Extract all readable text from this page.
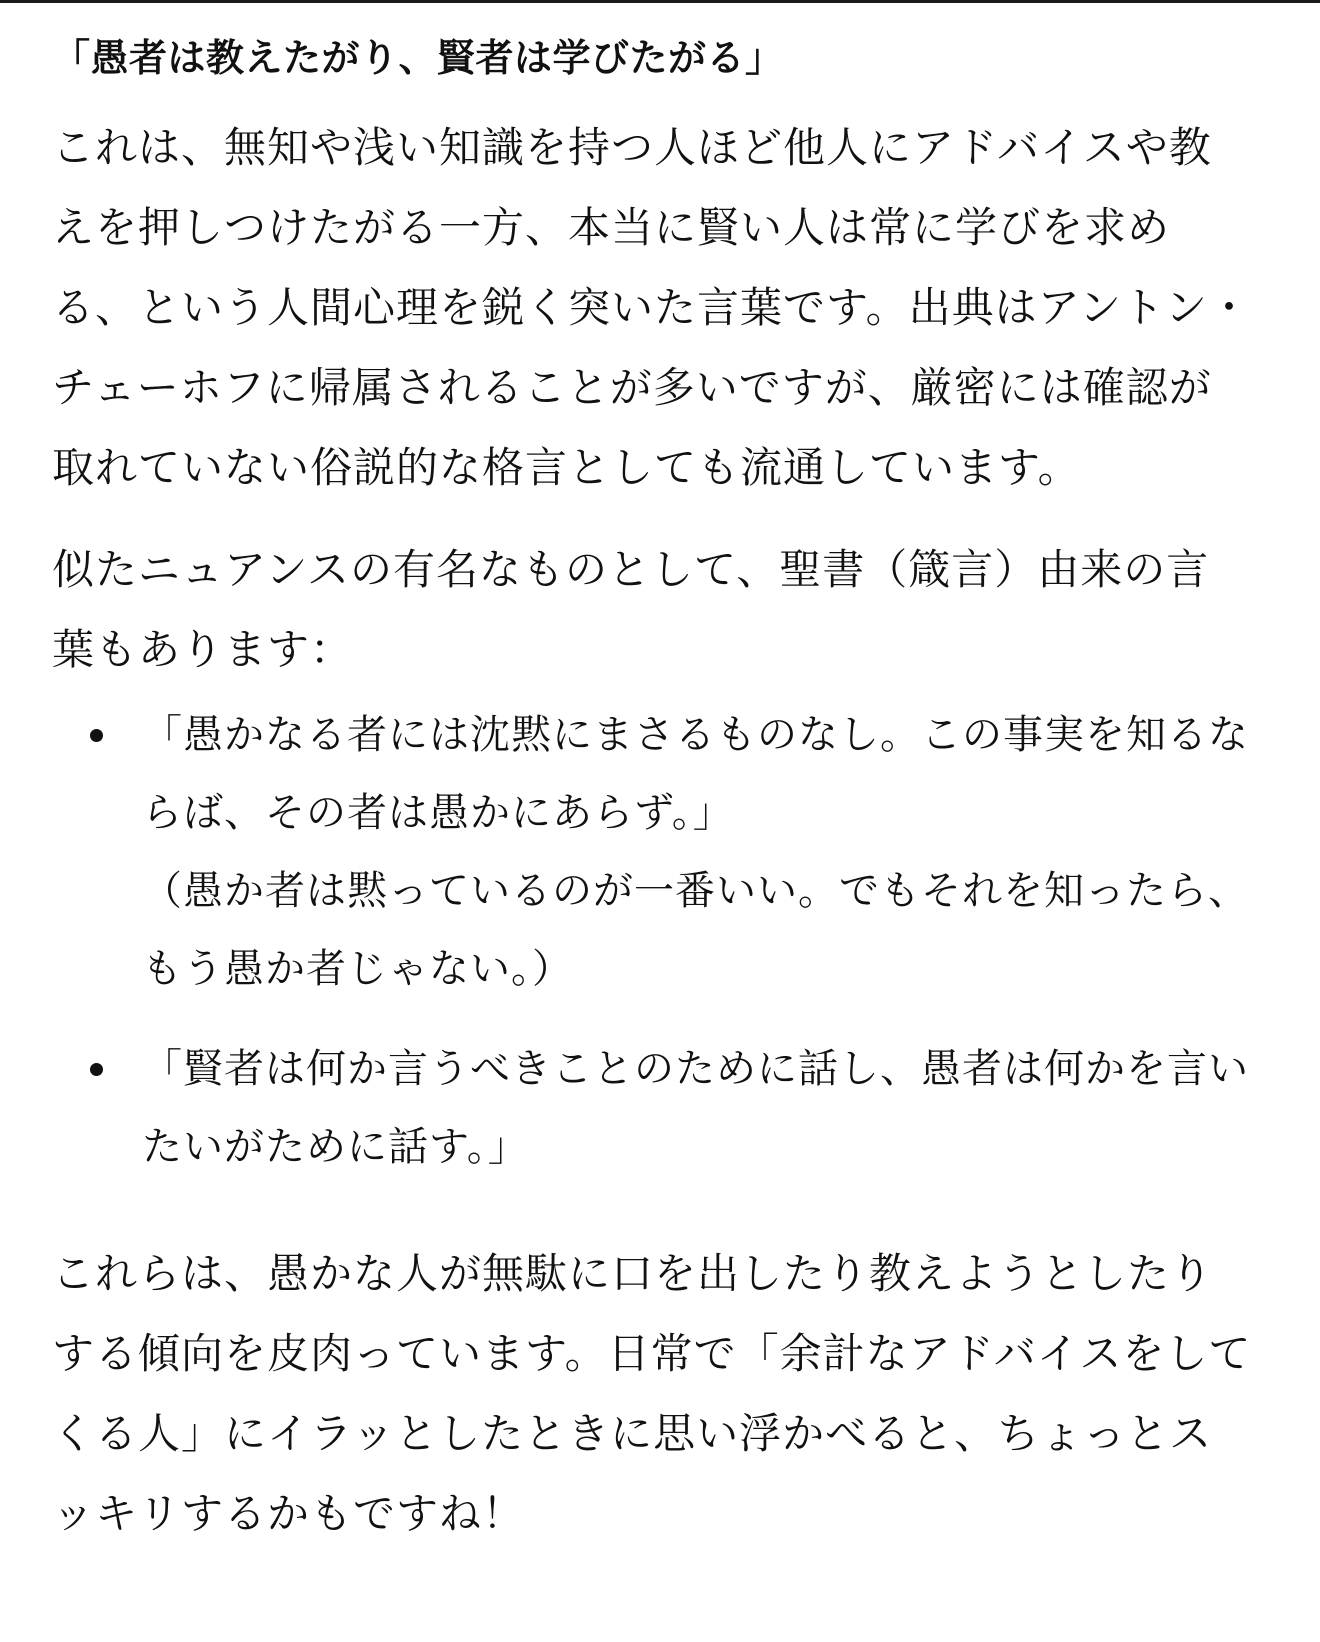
「愚者は教えたがり、賢者は学びたがる」

これは、無知や浅い知識を持つ人ほど他人にアドバイスや教えを押しつけたがる一方、本当に賢い人は常に学びを求める、という人間心理を鋭く突いた言葉です。出典はアントン・チェーホフに帰属されることが多いですが、厳密には確認が取れていない俗説的な格言としても流通しています。

似たニュアンスの有名なものとして、聖書（箴言）由来の言葉もあります：

「愚かなる者には沈黙にまさるものなし。この事実を知るならば、その者は愚かにあらず。」
（愚か者は黙っているのが一番いい。でもそれを知ったら、もう愚か者じゃない。）
「賢者は何か言うべきことのために話し、愚者は何かを言いたいがために話す。」

これらは、愚かな人が無駄に口を出したり教えようとしたりする傾向を皮肉っています。日常で「余計なアドバイスをしてくる人」にイラッとしたときに思い浮かべると、ちょっとスッキリするかもですね！
